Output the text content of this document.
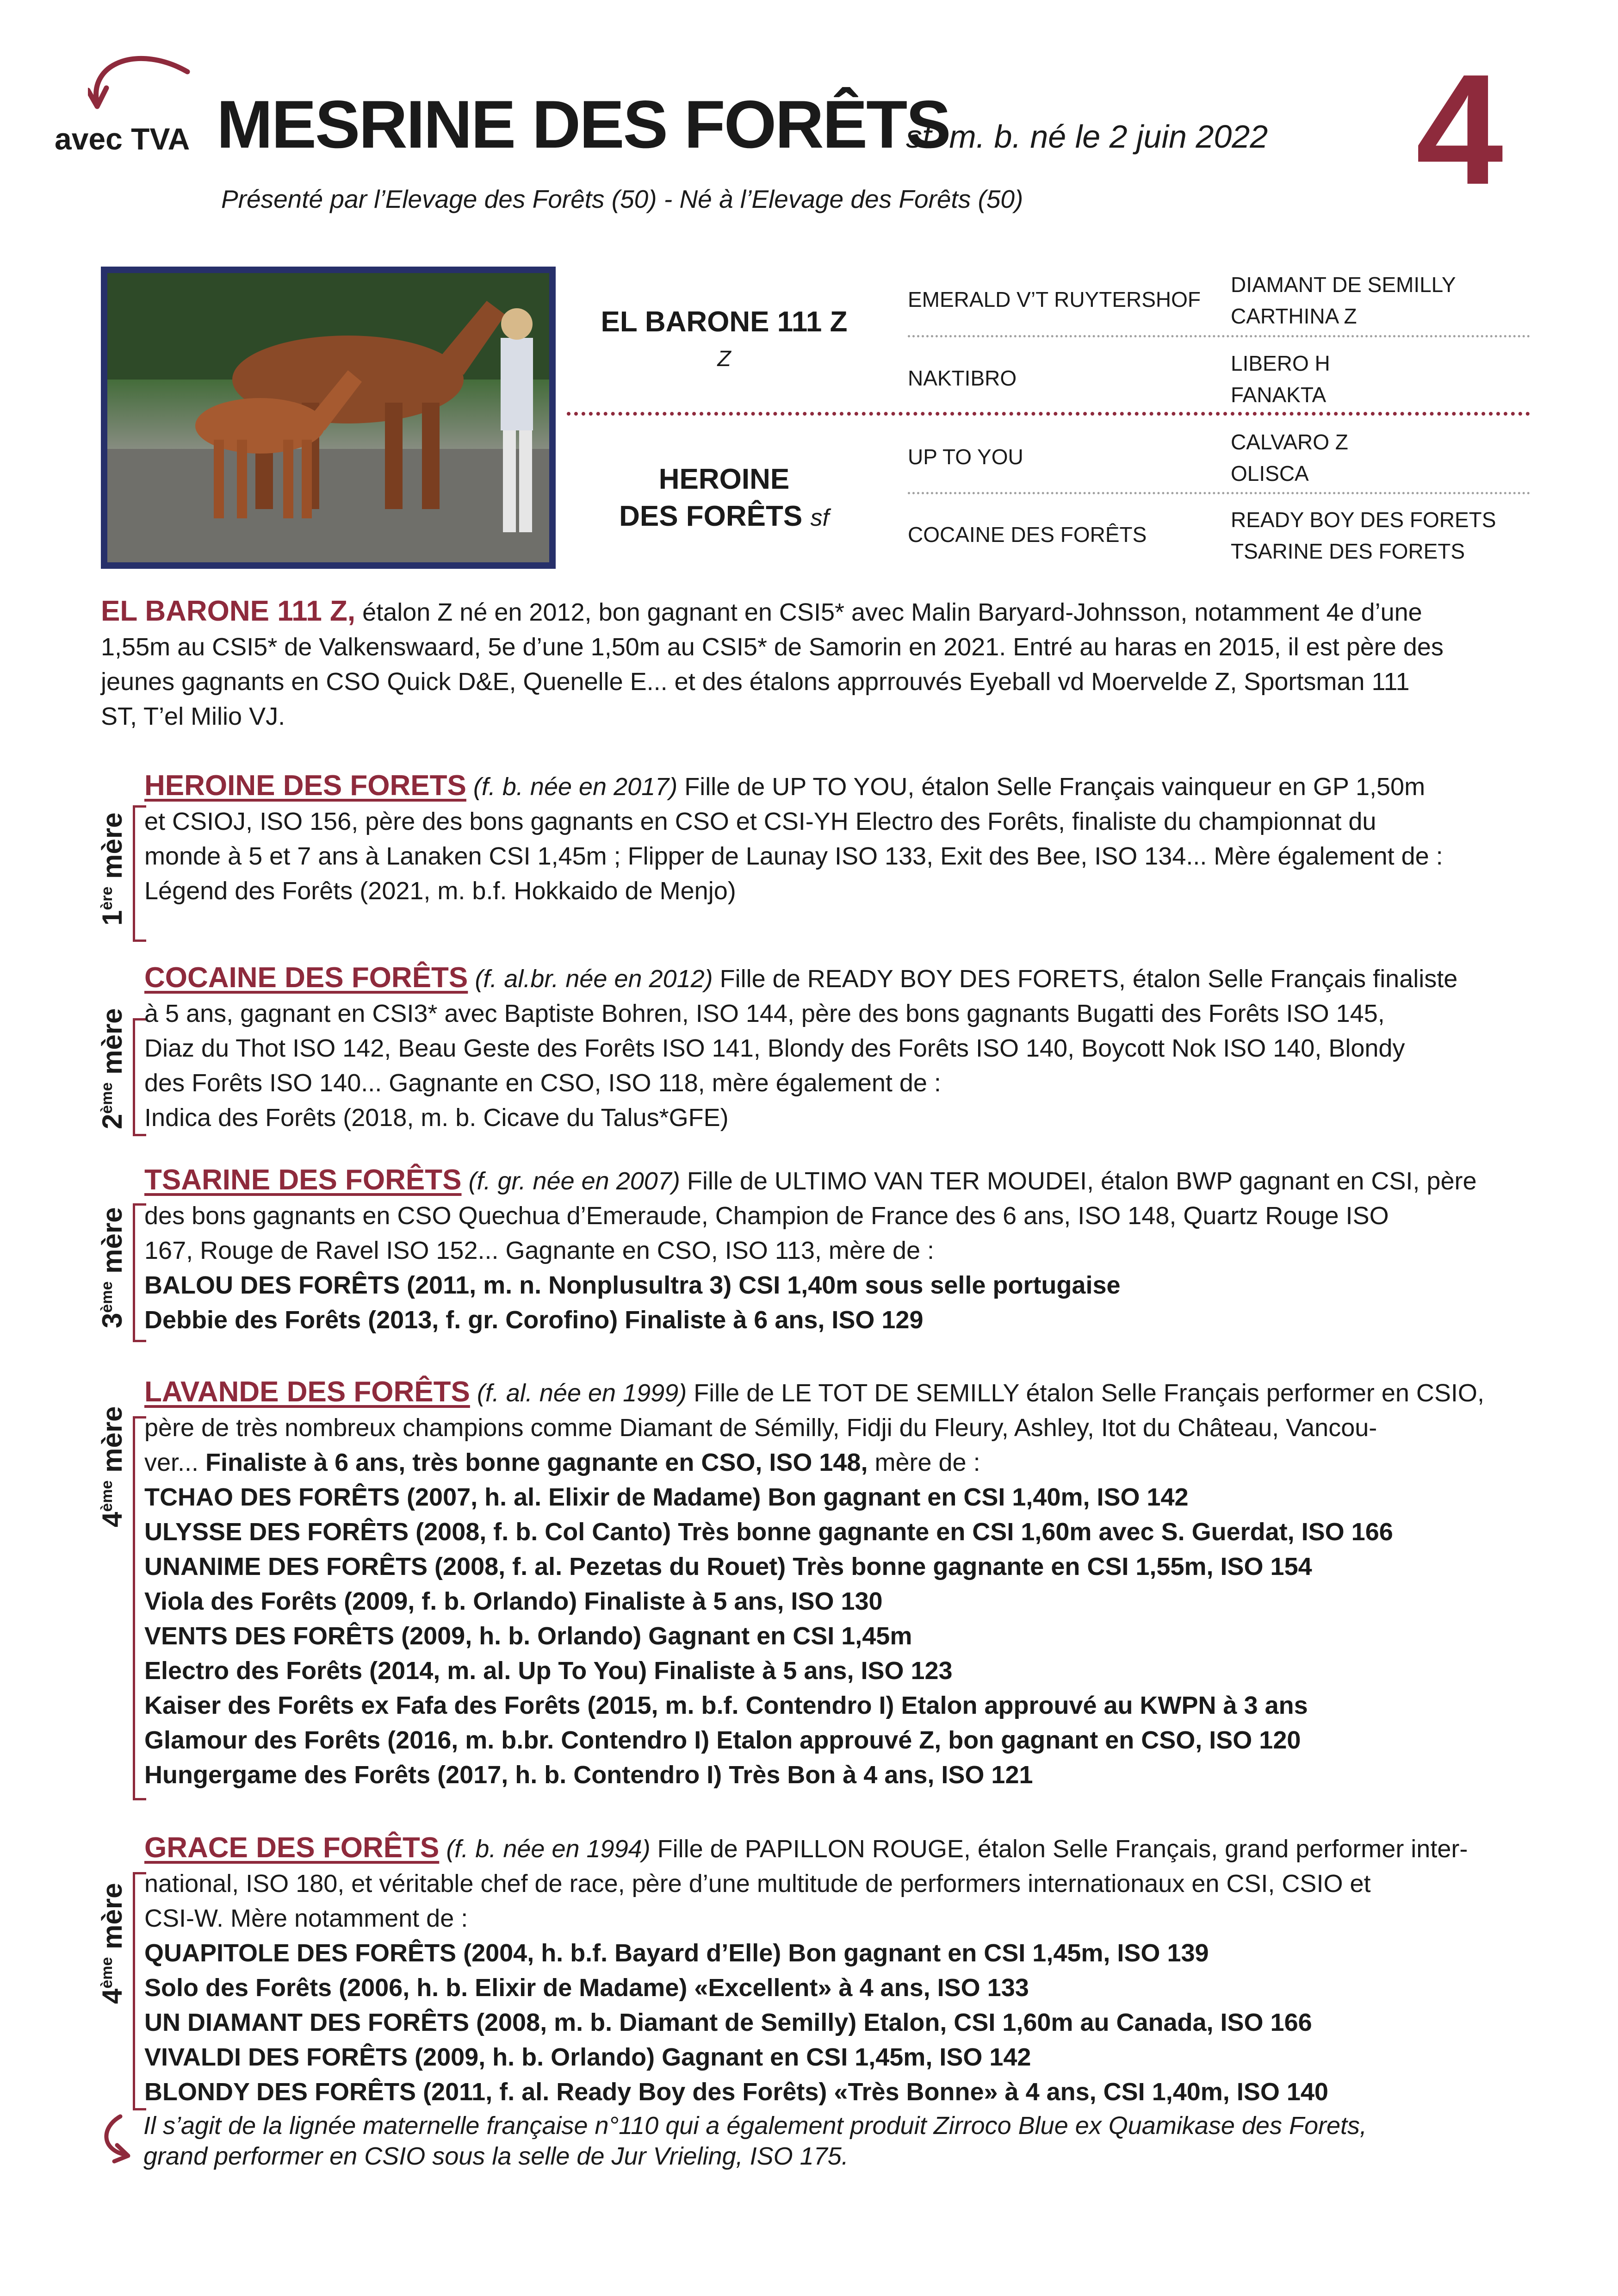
avec TVA MESRINE DES FORÊTS
sf. m. b. né le 2 juin 2022 4
Présenté par l’Elevage des Forêts (50) - Né à l’Elevage des Forêts (50)
EL BARONE 111 Z
Z
HEROINE
DES FORÊTS sf
EMERALD V’T RUYTERSHOF
NAKTIBRO
UP TO YOU
COCAINE DES FORÊTS
DIAMANT DE SEMILLY
CARTHINA Z
LIBERO H
FANAKTA
CALVARO Z
OLISCA
READY BOY DES FORETS
TSARINE DES FORETS
EL BARONE 111 Z, étalon Z né en 2012, bon gagnant en CSI5* avec Malin Baryard-Johnsson, notamment 4e d’une
1,55m au CSI5* de Valkenswaard, 5e d’une 1,50m au CSI5* de Samorin en 2021. Entré au haras en 2015, il est père des
jeunes gagnants en CSO Quick D&E, Quenelle E... et des étalons apprrouvés Eyeball vd Moervelde Z, Sportsman 111
ST, T’el Milio VJ.
1ère mère
HEROINE DES FORETS (f. b. née en 2017) Fille de UP TO YOU, étalon Selle Français vainqueur en GP 1,50m
et CSIOJ, ISO 156, père des bons gagnants en CSO et CSI-YH Electro des Forêts, finaliste du championnat du
monde à 5 et 7 ans à Lanaken CSI 1,45m ; Flipper de Launay ISO 133, Exit des Bee, ISO 134... Mère également de :
Légend des Forêts (2021, m. b.f. Hokkaido de Menjo)
2ème mère
COCAINE DES FORÊTS (f. al.br. née en 2012) Fille de READY BOY DES FORETS, étalon Selle Français finaliste
à 5 ans, gagnant en CSI3* avec Baptiste Bohren, ISO 144, père des bons gagnants Bugatti des Forêts ISO 145,
Diaz du Thot ISO 142, Beau Geste des Forêts ISO 141, Blondy des Forêts ISO 140, Boycott Nok ISO 140, Blondy
des Forêts ISO 140... Gagnante en CSO, ISO 118, mère également de :
Indica des Forêts (2018, m. b. Cicave du Talus*GFE)
3ème mère
TSARINE DES FORÊTS (f. gr. née en 2007) Fille de ULTIMO VAN TER MOUDEI, étalon BWP gagnant en CSI, père
des bons gagnants en CSO Quechua d’Emeraude, Champion de France des 6 ans, ISO 148, Quartz Rouge ISO
167, Rouge de Ravel ISO 152... Gagnante en CSO, ISO 113, mère de :
BALOU DES FORÊTS (2011, m. n. Nonplusultra 3) CSI 1,40m sous selle portugaise
Debbie des Forêts (2013, f. gr. Corofino) Finaliste à 6 ans, ISO 129
4ème mère
LAVANDE DES FORÊTS (f. al. née en 1999) Fille de LE TOT DE SEMILLY étalon Selle Français performer en CSIO,
père de très nombreux champions comme Diamant de Sémilly, Fidji du Fleury, Ashley, Itot du Château, Vancou-
ver... Finaliste à 6 ans, très bonne gagnante en CSO, ISO 148, mère de :
TCHAO DES FORÊTS (2007, h. al. Elixir de Madame) Bon gagnant en CSI 1,40m, ISO 142
ULYSSE DES FORÊTS (2008, f. b. Col Canto) Très bonne gagnante en CSI 1,60m avec S. Guerdat, ISO 166
UNANIME DES FORÊTS (2008, f. al. Pezetas du Rouet) Très bonne gagnante en CSI 1,55m, ISO 154
Viola des Forêts (2009, f. b. Orlando) Finaliste à 5 ans, ISO 130
VENTS DES FORÊTS (2009, h. b. Orlando) Gagnant en CSI 1,45m
Electro des Forêts (2014, m. al. Up To You) Finaliste à 5 ans, ISO 123
Kaiser des Forêts ex Fafa des Forêts (2015, m. b.f. Contendro I) Etalon approuvé au KWPN à 3 ans
Glamour des Forêts (2016, m. b.br. Contendro I) Etalon approuvé Z, bon gagnant en CSO, ISO 120
Hungergame des Forêts (2017, h. b. Contendro I) Très Bon à 4 ans, ISO 121
4ème mère
GRACE DES FORÊTS (f. b. née en 1994) Fille de PAPILLON ROUGE, étalon Selle Français, grand performer inter-
national, ISO 180, et véritable chef de race, père d’une multitude de performers internationaux en CSI, CSIO et
CSI-W. Mère notamment de :
QUAPITOLE DES FORÊTS (2004, h. b.f. Bayard d’Elle) Bon gagnant en CSI 1,45m, ISO 139
Solo des Forêts (2006, h. b. Elixir de Madame) «Excellent» à 4 ans, ISO 133
UN DIAMANT DES FORÊTS (2008, m. b. Diamant de Semilly) Etalon, CSI 1,60m au Canada, ISO 166
VIVALDI DES FORÊTS (2009, h. b. Orlando) Gagnant en CSI 1,45m, ISO 142
BLONDY DES FORÊTS (2011, f. al. Ready Boy des Forêts) «Très Bonne» à 4 ans, CSI 1,40m, ISO 140
Il s’agit de la lignée maternelle française n°110 qui a également produit Zirroco Blue ex Quamikase des Forets,
grand performer en CSIO sous la selle de Jur Vrieling, ISO 175.
